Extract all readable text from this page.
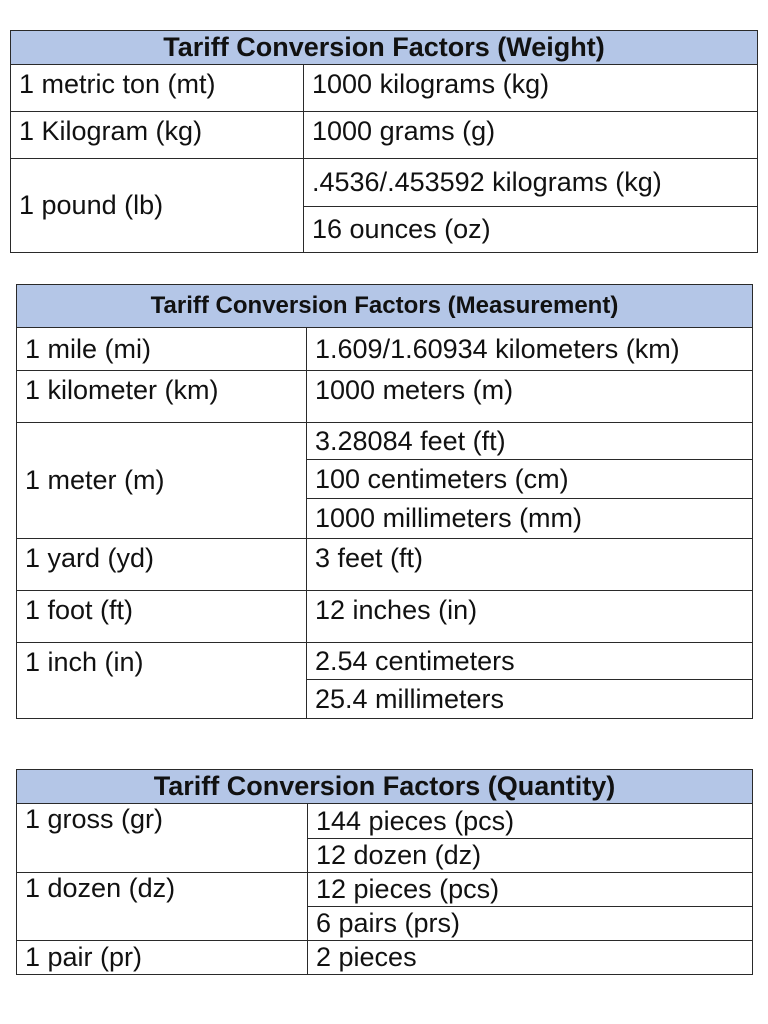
Tariff Conversion Factors (Weight)	
1 metric ton (mt)	1000 kilograms (kg)
1 Kilogram (kg)	1000 grams (g)
1 pound (lb)	.4536/.453592 kilograms (kg)
	16 ounces (oz)
Tariff Conversion Factors (Measurement)	
1 mile (mi)	1.609/1.60934 kilometers (km)
1 kilometer (km)	1000 meters (m)
1 meter (m)	3.28084 feet (ft)
	100 centimeters (cm)
	1000 millimeters (mm)
1 yard (yd)	3 feet (ft)
1 foot (ft)	12 inches (in)
1 inch (in)	2.54 centimeters
	25.4 millimeters
Tariff Conversion Factors (Quantity)	
1 gross (gr)	144 pieces (pcs)
	12 dozen (dz)
1 dozen (dz)	12 pieces (pcs)
	6 pairs (prs)
1 pair (pr)	2 pieces
